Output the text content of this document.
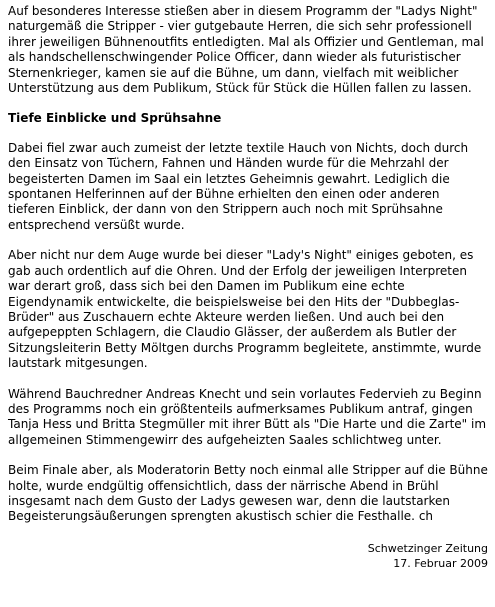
Auf besonderes Interesse stießen aber in diesem Programm der "Ladys Night" naturgemäß die Stripper - vier gutgebaute Herren, die sich sehr professionell ihrer jeweiligen Bühnenoutfits entledigten. Mal als Offizier und Gentleman, mal als handschellenschwingender Police Officer, dann wieder als futuristischer Sternenkrieger, kamen sie auf die Bühne, um dann, vielfach mit weiblicher Unterstützung aus dem Publikum, Stück für Stück die Hüllen fallen zu lassen.

Tiefe Einblicke und Sprühsahne

Dabei fiel zwar auch zumeist der letzte textile Hauch von Nichts, doch durch den Einsatz von Tüchern, Fahnen und Händen wurde für die Mehrzahl der begeisterten Damen im Saal ein letztes Geheimnis gewahrt. Lediglich die spontanen Helferinnen auf der Bühne erhielten den einen oder anderen tieferen Einblick, der dann von den Strippern auch noch mit Sprühsahne entsprechend versüßt wurde.

Aber nicht nur dem Auge wurde bei dieser "Lady's Night" einiges geboten, es gab auch ordentlich auf die Ohren. Und der Erfolg der jeweiligen Interpreten war derart groß, dass sich bei den Damen im Publikum eine echte Eigendynamik entwickelte, die beispielsweise bei den Hits der "Dubbeglas-Brüder" aus Zuschauern echte Akteure werden ließen. Und auch bei den aufgepeppten Schlagern, die Claudio Glässer, der außerdem als Butler der Sitzungsleiterin Betty Möltgen durchs Programm begleitete, anstimmte, wurde lautstark mitgesungen.

Während Bauchredner Andreas Knecht und sein vorlautes Federvieh zu Beginn des Programms noch ein größtenteils aufmerksames Publikum antraf, gingen Tanja Hess und Britta Stegmüller mit ihrer Bütt als "Die Harte und die Zarte" im allgemeinen Stimmengewirr des aufgeheizten Saales schlichtweg unter.

Beim Finale aber, als Moderatorin Betty noch einmal alle Stripper auf die Bühne holte, wurde endgültig offensichtlich, dass der närrische Abend in Brühl insgesamt nach dem Gusto der Ladys gewesen war, denn die lautstarken Begeisterungsäußerungen sprengten akustisch schier die Festhalle. ch

Schwetzinger Zeitung
17. Februar 2009
